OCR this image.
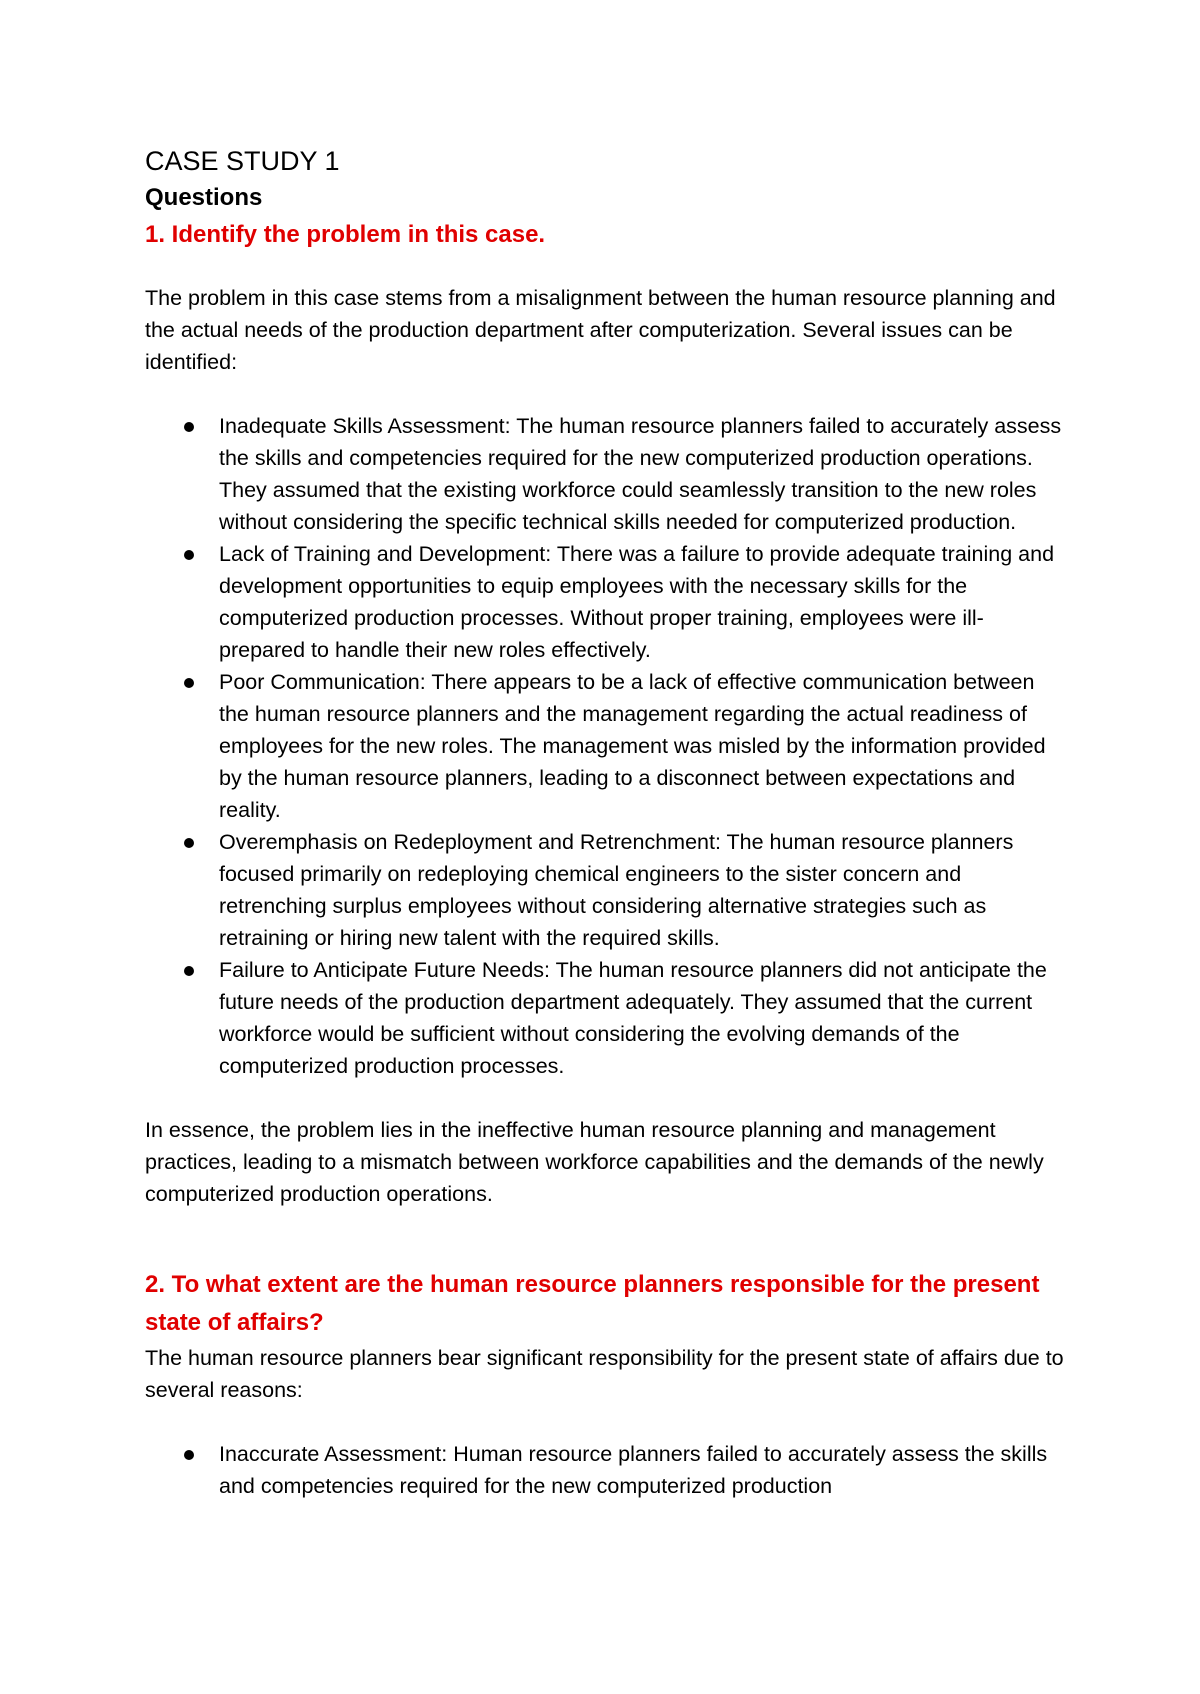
CASE STUDY 1
Questions

1. Identify the problem in this case.

The problem in this case stems from a misalignment between the human resource planning and the actual needs of the production department after computerization. Several issues can be identified:

Inadequate Skills Assessment: The human resource planners failed to accurately assess the skills and competencies required for the new computerized production operations. They assumed that the existing workforce could seamlessly transition to the new roles without considering the specific technical skills needed for computerized production.
Lack of Training and Development: There was a failure to provide adequate training and development opportunities to equip employees with the necessary skills for the computerized production processes. Without proper training, employees were ill-prepared to handle their new roles effectively.
Poor Communication: There appears to be a lack of effective communication between the human resource planners and the management regarding the actual readiness of employees for the new roles. The management was misled by the information provided by the human resource planners, leading to a disconnect between expectations and reality.
Overemphasis on Redeployment and Retrenchment: The human resource planners focused primarily on redeploying chemical engineers to the sister concern and retrenching surplus employees without considering alternative strategies such as retraining or hiring new talent with the required skills.
Failure to Anticipate Future Needs: The human resource planners did not anticipate the future needs of the production department adequately. They assumed that the current workforce would be sufficient without considering the evolving demands of the computerized production processes.

In essence, the problem lies in the ineffective human resource planning and management practices, leading to a mismatch between workforce capabilities and the demands of the newly computerized production operations.

2. To what extent are the human resource planners responsible for the present state of affairs?

The human resource planners bear significant responsibility for the present state of affairs due to several reasons:

Inaccurate Assessment: Human resource planners failed to accurately assess the skills and competencies required for the new computerized production
